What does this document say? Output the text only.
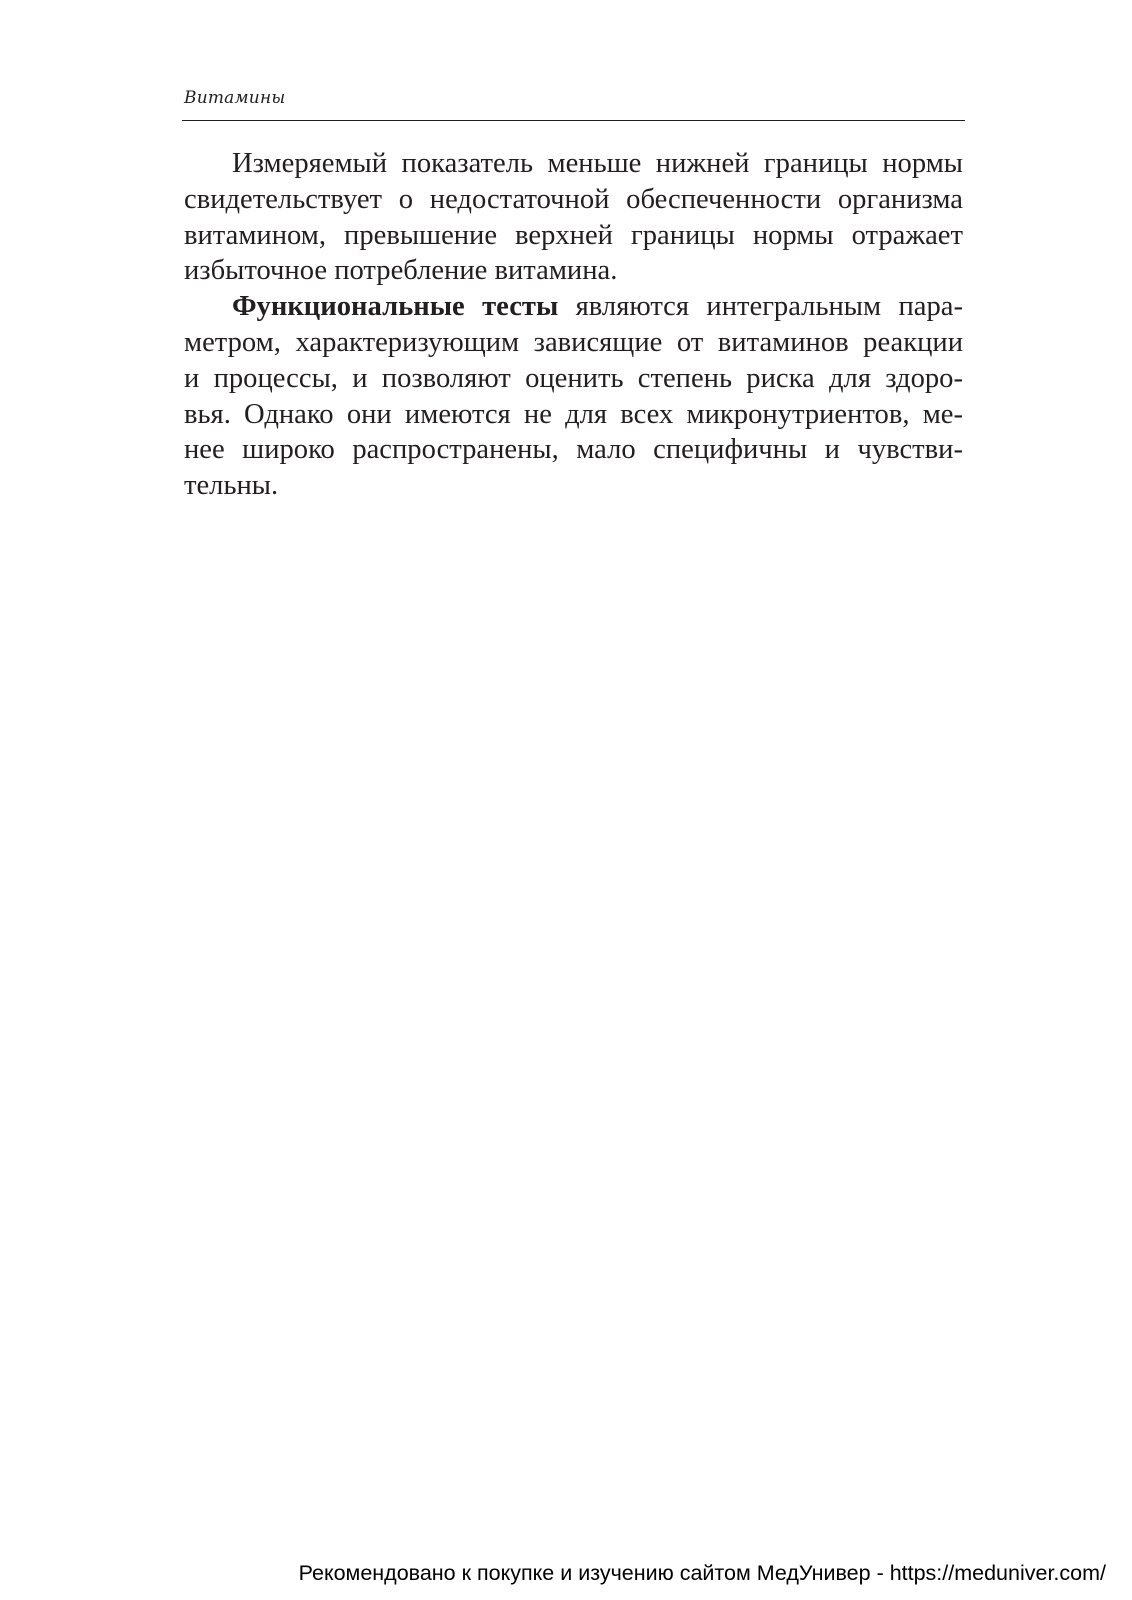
Витамины
Измеряемый показатель меньше нижней границы нормы
свидетельствует о недостаточной обеспеченности организма
витамином, превышение верхней границы нормы отражает
избыточное потребление витамина.
Функциональные тесты являются интегральным пара-
метром, характеризующим зависящие от витаминов реакции
и процессы, и позволяют оценить степень риска для здоро-
вья. Однако они имеются не для всех микронутриентов, ме-
нее широко распространены, мало специфичны и чувстви-
тельны.
Рекомендовано к покупке и изучению сайтом МедУнивер - https://meduniver.com/
